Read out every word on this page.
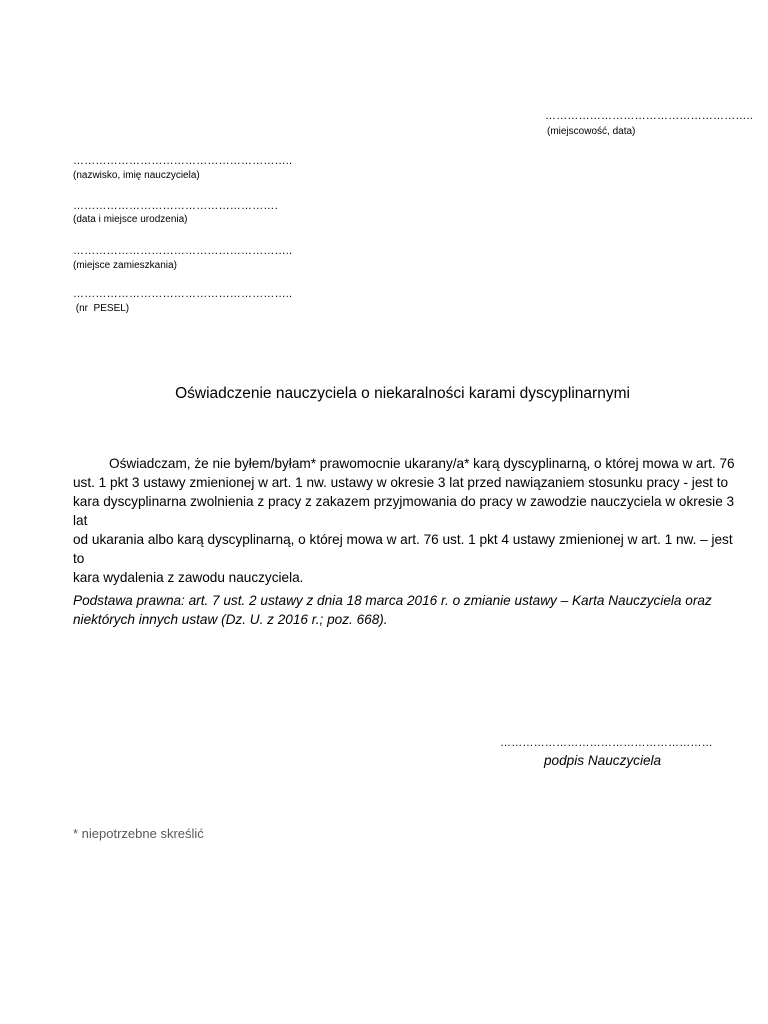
………………………………………………..
(miejscowość, data)
…………………………………………………..
(nazwisko, imię nauczyciela)
……………………………………………….
(data i miejsce urodzenia)
…………………………………………………..
(miejsce zamieszkania)
…………………………………………………..
(nr  PESEL)
Oświadczenie nauczyciela o niekaralności karami dyscyplinarnymi

Oświadczam, że nie byłem/byłam* prawomocnie ukarany/a* karą dyscyplinarną, o której mowa w art. 76

ust. 1 pkt 3 ustawy zmienionej w art. 1 nw. ustawy w okresie 3 lat przed nawiązaniem stosunku pracy - jest to

kara dyscyplinarna zwolnienia z pracy z zakazem przyjmowania do pracy w zawodzie nauczyciela w okresie 3 lat

od ukarania albo karą dyscyplinarną, o której mowa w art. 76 ust. 1 pkt 4 ustawy zmienionej w art. 1 nw. – jest to

kara wydalenia z zawodu nauczyciela.

Podstawa prawna: art. 7 ust. 2 ustawy z dnia 18 marca 2016 r. o zmianie ustawy – Karta Nauczyciela oraz
niektórych innych ustaw (Dz. U. z 2016 r.; poz. 668).
…………………………………………………
podpis Nauczyciela
* niepotrzebne skreślić
